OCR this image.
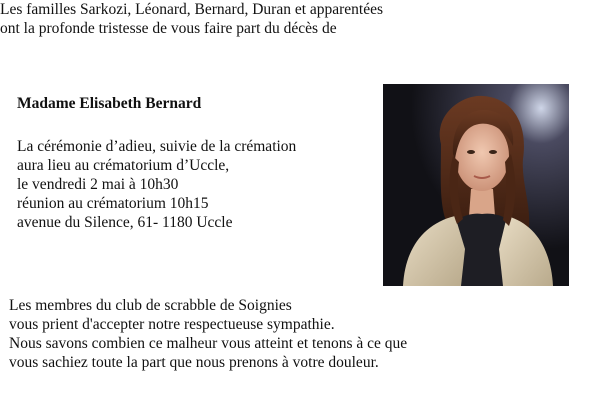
Les familles Sarkozi, Léonard, Bernard, Duran et apparentées
ont la profonde tristesse de vous faire part du décès de
Madame Elisabeth Bernard
La cérémonie d’adieu, suivie de la crémation
aura lieu au crématorium d’Uccle,
le vendredi 2 mai à 10h30
réunion au crématorium 10h15
avenue du Silence, 61- 1180 Uccle
Les membres du club de scrabble de Soignies
vous prient d'accepter notre respectueuse sympathie.
Nous savons combien ce malheur vous atteint et tenons à ce que
vous sachiez toute la part que nous prenons à votre douleur.
